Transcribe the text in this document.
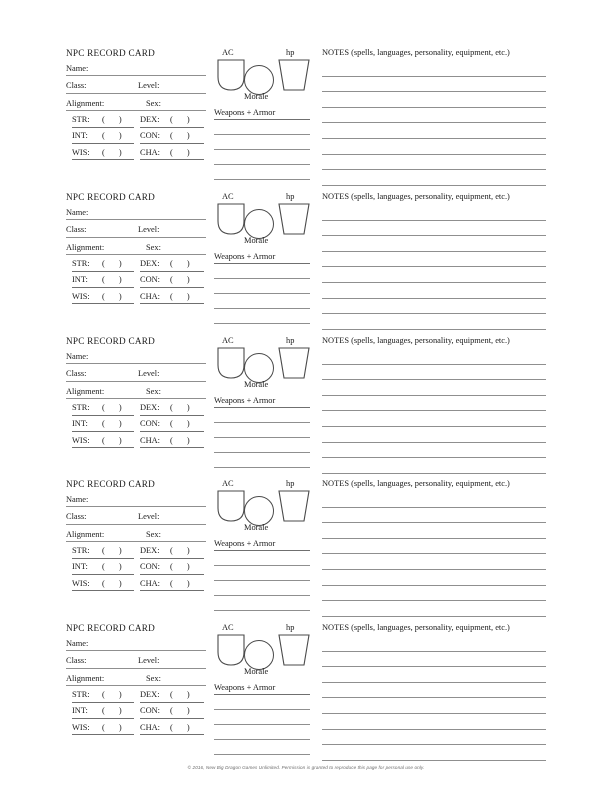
NPC RECORD CARD
Name:
Class:	Level:
Alignment:	Sex:
STR: ( ) DEX: ( )
INT: ( ) CON: ( )
WIS: ( ) CHA: ( )
AC	hp
Morale
Weapons + Armor
NOTES (spells, languages, personality, equipment, etc.)
NPC RECORD CARD
Name:
Class:	Level:
Alignment:	Sex:
STR: ( ) DEX: ( )
INT: ( ) CON: ( )
WIS: ( ) CHA: ( )
AC	hp
Morale
Weapons + Armor
NOTES (spells, languages, personality, equipment, etc.)
NPC RECORD CARD
Name:
Class:	Level:
Alignment:	Sex:
STR: ( ) DEX: ( )
INT: ( ) CON: ( )
WIS: ( ) CHA: ( )
AC	hp
Morale
Weapons + Armor
NOTES (spells, languages, personality, equipment, etc.)
NPC RECORD CARD
Name:
Class:	Level:
Alignment:	Sex:
STR: ( ) DEX: ( )
INT: ( ) CON: ( )
WIS: ( ) CHA: ( )
AC	hp
Morale
Weapons + Armor
NOTES (spells, languages, personality, equipment, etc.)
NPC RECORD CARD
Name:
Class:	Level:
Alignment:	Sex:
STR: ( ) DEX: ( )
INT: ( ) CON: ( )
WIS: ( ) CHA: ( )
AC	hp
Morale
Weapons + Armor
NOTES (spells, languages, personality, equipment, etc.)
© 2016, New Big Dragon Games Unlimited. Permission is granted to reproduce this page for personal use only.
